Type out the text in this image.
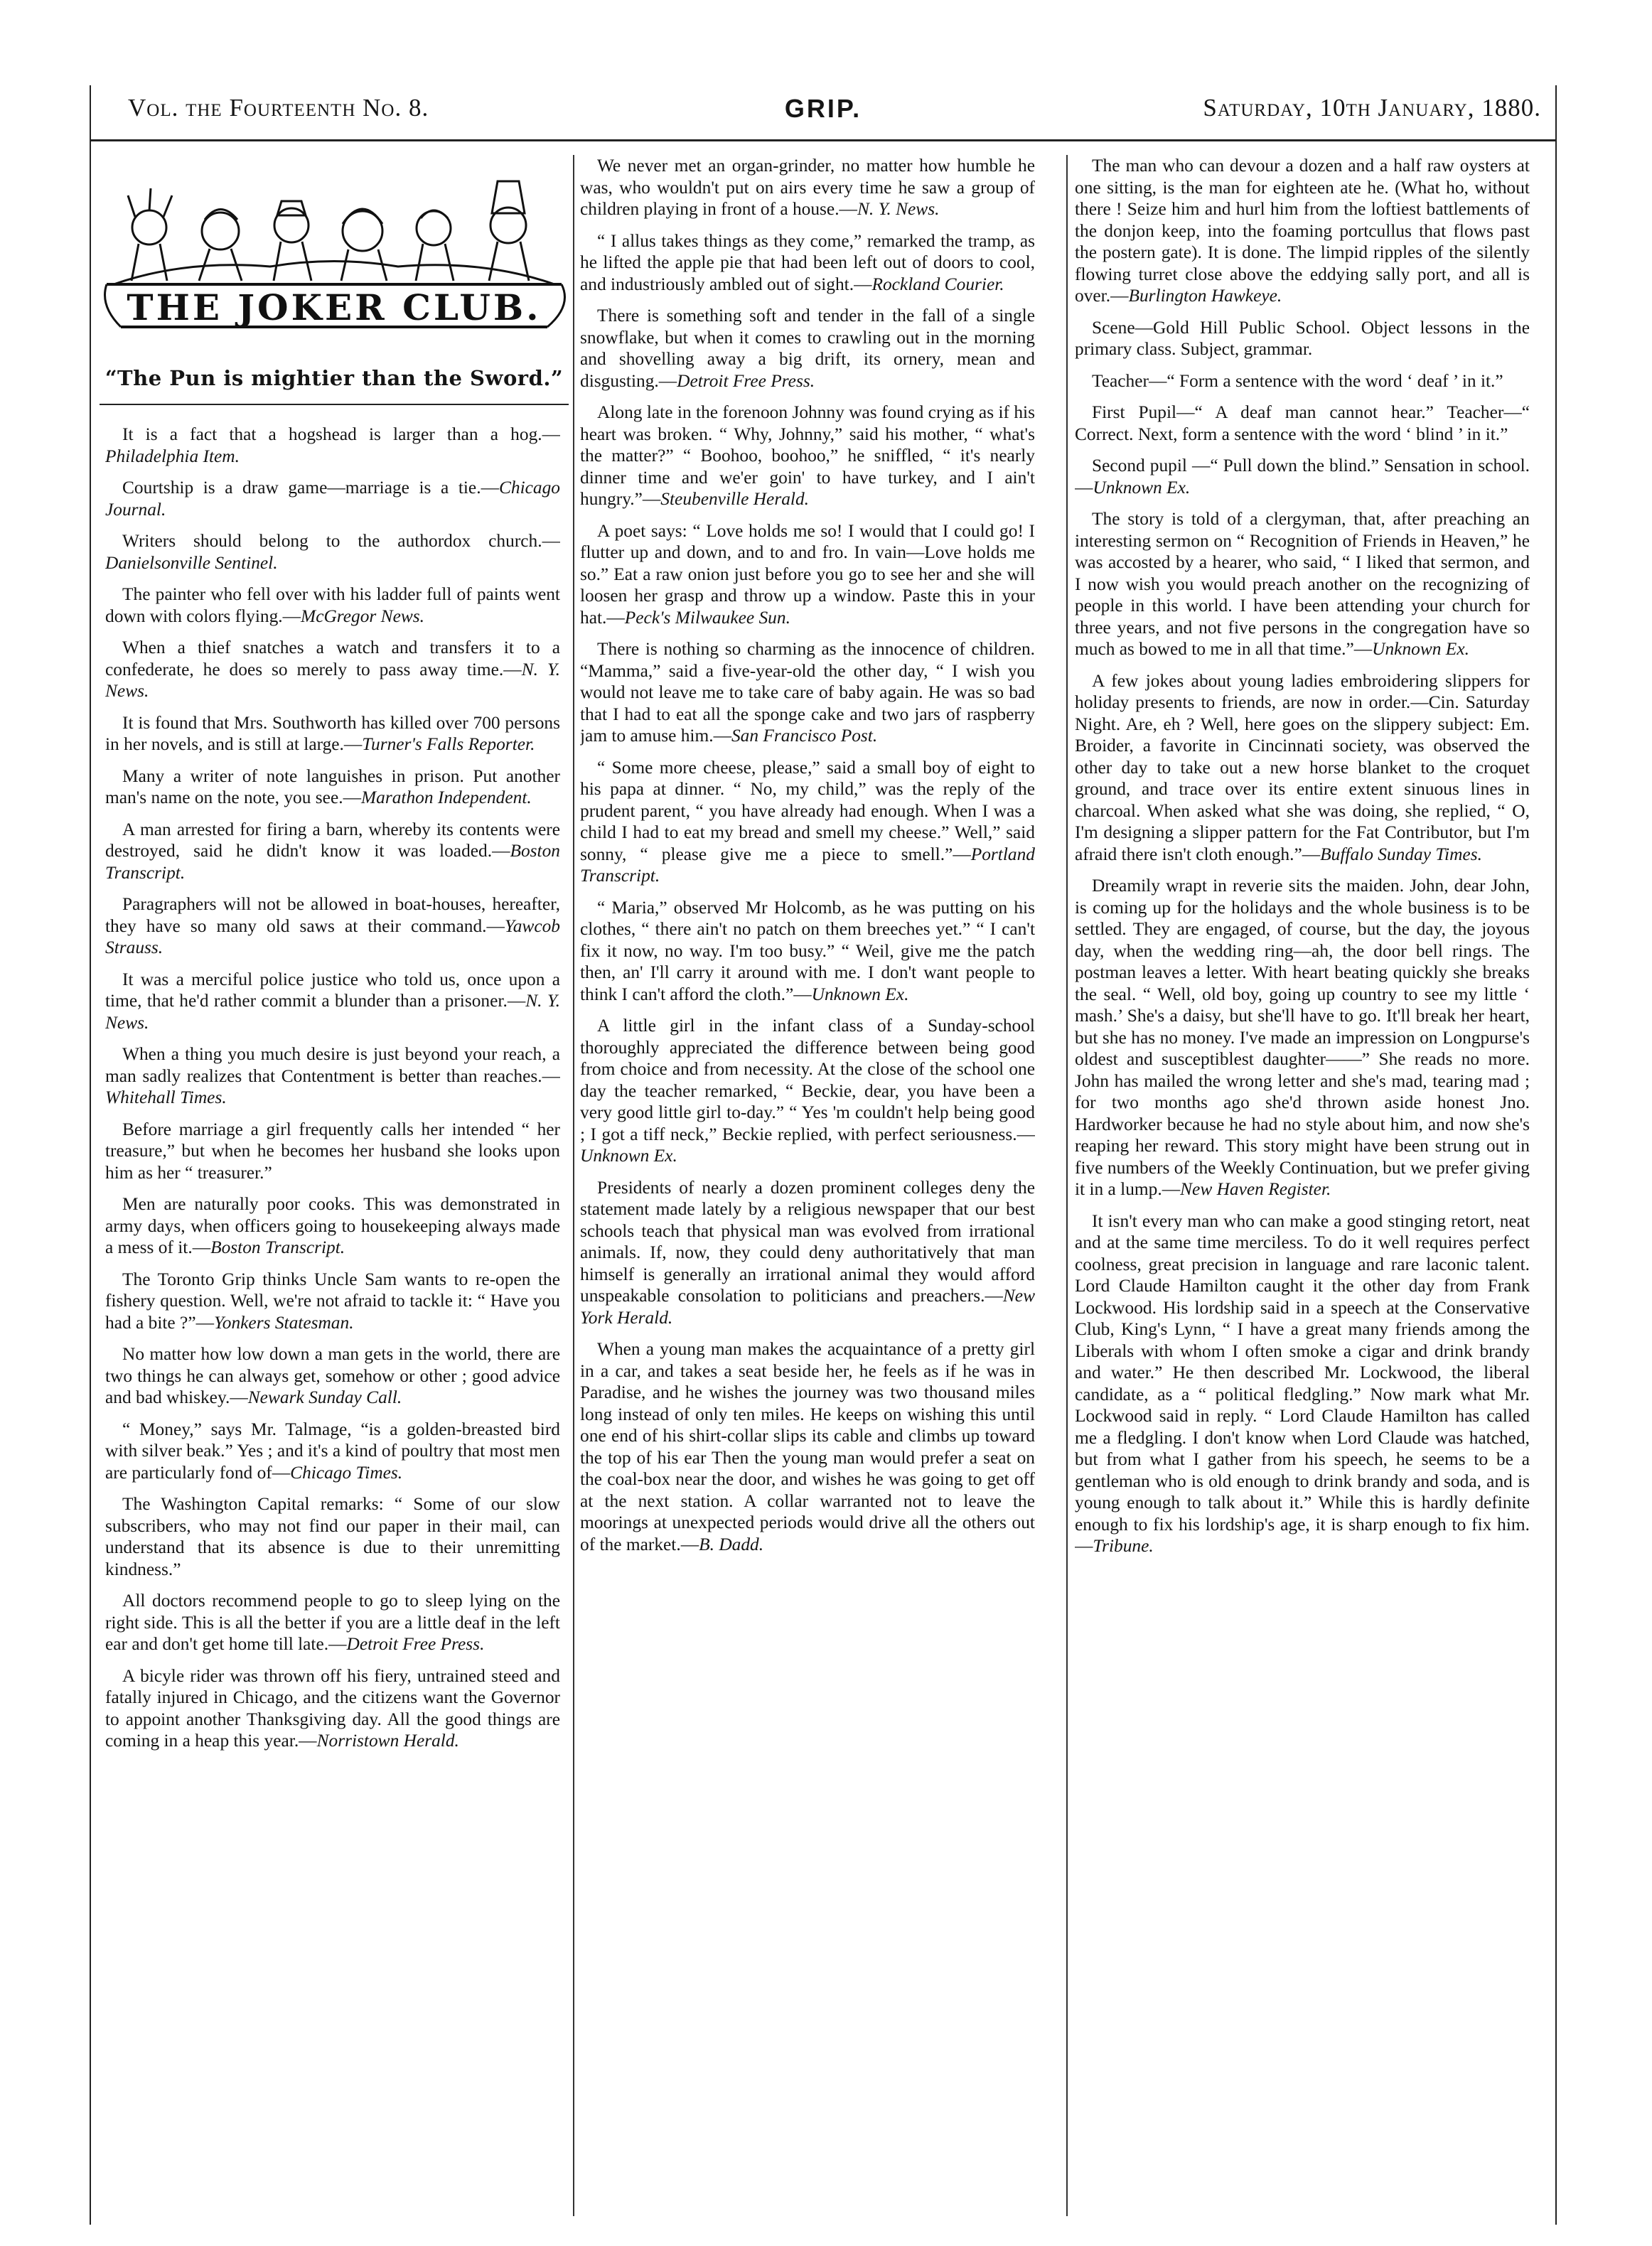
Vol. the Fourteenth No. 8.	GRIP.	Saturday, 10th January, 1880.
THE JOKER CLUB.
“The Pun is mightier than the Sword.”

It is a fact that a hogshead is larger than a hog.—Philadelphia Item.

Courtship is a draw game—marriage is a tie.—Chicago Journal.

Writers should belong to the authordox church.—Danielsonville Sentinel.

The painter who fell over with his ladder full of paints went down with colors flying.—McGregor News.

When a thief snatches a watch and transfers it to a confederate, he does so merely to pass away time.—N. Y. News.

It is found that Mrs. Southworth has killed over 700 persons in her novels, and is still at large.—Turner's Falls Reporter.

Many a writer of note languishes in prison. Put another man's name on the note, you see.—Marathon Independent.

A man arrested for firing a barn, whereby its contents were destroyed, said he didn't know it was loaded.—Boston Transcript.

Paragraphers will not be allowed in boat-houses, hereafter, they have so many old saws at their command.—Yawcob Strauss.

It was a merciful police justice who told us, once upon a time, that he'd rather commit a blunder than a prisoner.—N. Y. News.

When a thing you much desire is just beyond your reach, a man sadly realizes that Contentment is better than reaches.—Whitehall Times.

Before marriage a girl frequently calls her intended “ her treasure,” but when he becomes her husband she looks upon him as her “ treasurer.”

Men are naturally poor cooks. This was demonstrated in army days, when officers going to housekeeping always made a mess of it.—Boston Transcript.

The Toronto Grip thinks Uncle Sam wants to re-open the fishery question. Well, we're not afraid to tackle it: “ Have you had a bite ?”—Yonkers Statesman.

No matter how low down a man gets in the world, there are two things he can always get, somehow or other ; good advice and bad whiskey.—Newark Sunday Call.

“ Money,” says Mr. Talmage, “is a golden-breasted bird with silver beak.” Yes ; and it's a kind of poultry that most men are particularly fond of—Chicago Times.

The Washington Capital remarks: “ Some of our slow subscribers, who may not find our paper in their mail, can understand that its absence is due to their unremitting kindness.”

All doctors recommend people to go to sleep lying on the right side. This is all the better if you are a little deaf in the left ear and don't get home till late.—Detroit Free Press.

A bicyle rider was thrown off his fiery, untrained steed and fatally injured in Chicago, and the citizens want the Governor to appoint another Thanksgiving day. All the good things are coming in a heap this year.—Norristown Herald.

We never met an organ-grinder, no matter how humble he was, who wouldn't put on airs every time he saw a group of children playing in front of a house.—N. Y. News.

“ I allus takes things as they come,” remarked the tramp, as he lifted the apple pie that had been left out of doors to cool, and industriously ambled out of sight.—Rockland Courier.

There is something soft and tender in the fall of a single snowflake, but when it comes to crawling out in the morning and shovelling away a big drift, its ornery, mean and disgusting.—Detroit Free Press.

Along late in the forenoon Johnny was found crying as if his heart was broken. “ Why, Johnny,” said his mother, “ what's the matter?” “ Boohoo, boohoo,” he sniffled, “ it's nearly dinner time and we'er goin' to have turkey, and I ain't hungry.”—Steubenville Herald.

A poet says: “ Love holds me so! I would that I could go! I flutter up and down, and to and fro. In vain—Love holds me so.” Eat a raw onion just before you go to see her and she will loosen her grasp and throw up a window. Paste this in your hat.—Peck's Milwaukee Sun.

There is nothing so charming as the innocence of children. “Mamma,” said a five-year-old the other day, “ I wish you would not leave me to take care of baby again. He was so bad that I had to eat all the sponge cake and two jars of raspberry jam to amuse him.—San Francisco Post.

“ Some more cheese, please,” said a small boy of eight to his papa at dinner. “ No, my child,” was the reply of the prudent parent, “ you have already had enough. When I was a child I had to eat my bread and smell my cheese.” Well,” said sonny, “ please give me a piece to smell.”—Portland Transcript.

“ Maria,” observed Mr Holcomb, as he was putting on his clothes, “ there ain't no patch on them breeches yet.” “ I can't fix it now, no way. I'm too busy.” “ Weil, give me the patch then, an' I'll carry it around with me. I don't want people to think I can't afford the cloth.”—Unknown Ex.

A little girl in the infant class of a Sunday-school thoroughly appreciated the difference between being good from choice and from necessity. At the close of the school one day the teacher remarked, “ Beckie, dear, you have been a very good little girl to-day.” “ Yes 'm couldn't help being good ; I got a tiff neck,” Beckie replied, with perfect seriousness.—Unknown Ex.

Presidents of nearly a dozen prominent colleges deny the statement made lately by a religious newspaper that our best schools teach that physical man was evolved from irrational animals. If, now, they could deny authoritatively that man himself is generally an irrational animal they would afford unspeakable consolation to politicians and preachers.—New York Herald.

When a young man makes the acquaintance of a pretty girl in a car, and takes a seat beside her, he feels as if he was in Paradise, and he wishes the journey was two thousand miles long instead of only ten miles. He keeps on wishing this until one end of his shirt-collar slips its cable and climbs up toward the top of his ear Then the young man would prefer a seat on the coal-box near the door, and wishes he was going to get off at the next station. A collar warranted not to leave the moorings at unexpected periods would drive all the others out of the market.—B. Dadd.

The man who can devour a dozen and a half raw oysters at one sitting, is the man for eighteen ate he. (What ho, without there ! Seize him and hurl him from the loftiest battlements of the donjon keep, into the foaming portcullus that flows past the postern gate). It is done. The limpid ripples of the silently flowing turret close above the eddying sally port, and all is over.—Burlington Hawkeye.

Scene—Gold Hill Public School. Object lessons in the primary class. Subject, grammar.

Teacher—“ Form a sentence with the word ‘ deaf ’ in it.”

First Pupil—“ A deaf man cannot hear.” Teacher—“ Correct. Next, form a sentence with the word ‘ blind ’ in it.”

Second pupil —“ Pull down the blind.” Sensation in school.—Unknown Ex.

The story is told of a clergyman, that, after preaching an interesting sermon on “ Recognition of Friends in Heaven,” he was accosted by a hearer, who said, “ I liked that sermon, and I now wish you would preach another on the recognizing of people in this world. I have been attending your church for three years, and not five persons in the congregation have so much as bowed to me in all that time.”—Unknown Ex.

A few jokes about young ladies embroidering slippers for holiday presents to friends, are now in order.—Cin. Saturday Night. Are, eh ? Well, here goes on the slippery subject: Em. Broider, a favorite in Cincinnati society, was observed the other day to take out a new horse blanket to the croquet ground, and trace over its entire extent sinuous lines in charcoal. When asked what she was doing, she replied, “ O, I'm designing a slipper pattern for the Fat Contributor, but I'm afraid there isn't cloth enough.”—Buffalo Sunday Times.

Dreamily wrapt in reverie sits the maiden. John, dear John, is coming up for the holidays and the whole business is to be settled. They are engaged, of course, but the day, the joyous day, when the wedding ring—ah, the door bell rings. The postman leaves a letter. With heart beating quickly she breaks the seal. “ Well, old boy, going up country to see my little ‘ mash.’ She's a daisy, but she'll have to go. It'll break her heart, but she has no money. I've made an impression on Longpurse's oldest and susceptiblest daughter——” She reads no more. John has mailed the wrong letter and she's mad, tearing mad ; for two months ago she'd thrown aside honest Jno. Hardworker because he had no style about him, and now she's reaping her reward. This story might have been strung out in five numbers of the Weekly Continuation, but we prefer giving it in a lump.—New Haven Register.

It isn't every man who can make a good stinging retort, neat and at the same time merciless. To do it well requires perfect coolness, great precision in language and rare laconic talent. Lord Claude Hamilton caught it the other day from Frank Lockwood. His lordship said in a speech at the Conservative Club, King's Lynn, “ I have a great many friends among the Liberals with whom I often smoke a cigar and drink brandy and water.” He then described Mr. Lockwood, the liberal candidate, as a “ political fledgling.” Now mark what Mr. Lockwood said in reply. “ Lord Claude Hamilton has called me a fledgling. I don't know when Lord Claude was hatched, but from what I gather from his speech, he seems to be a gentleman who is old enough to drink brandy and soda, and is young enough to talk about it.” While this is hardly definite enough to fix his lordship's age, it is sharp enough to fix him.—Tribune.
